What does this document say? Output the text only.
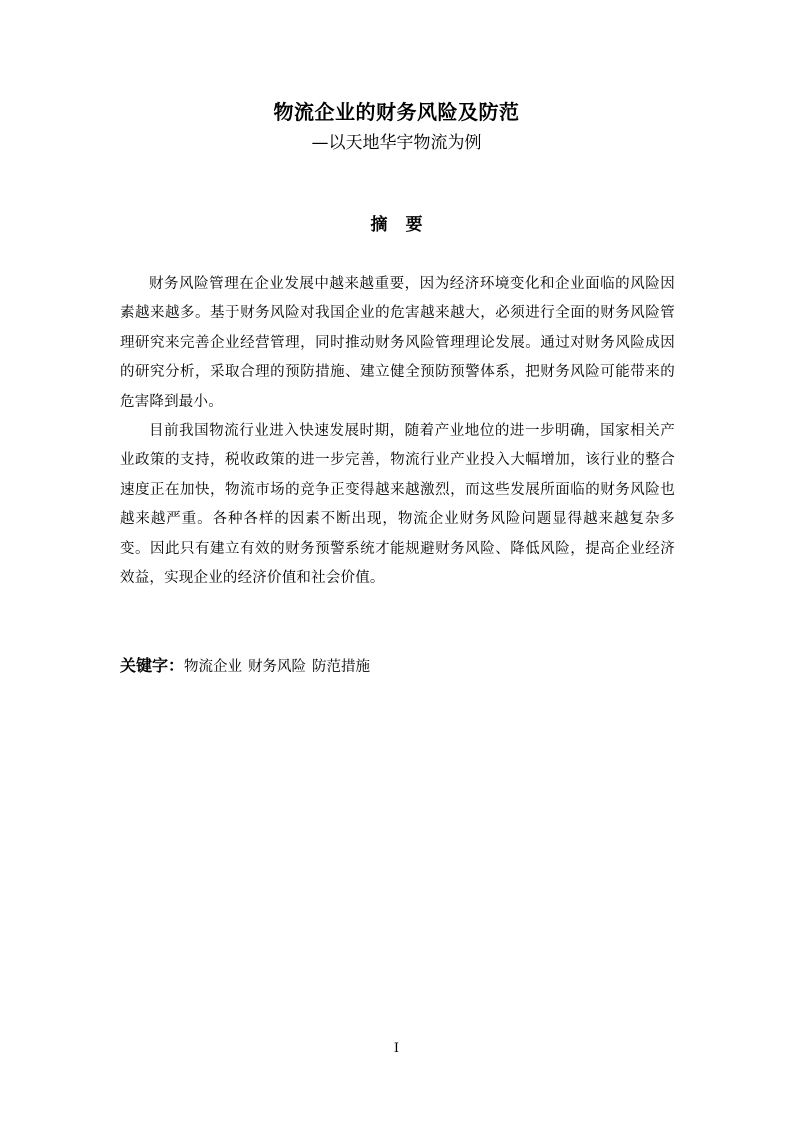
物流企业的财务风险及防范
—以天地华宇物流为例
摘 要

财务风险管理在企业发展中越来越重要，因为经济环境变化和企业面临的风险因素越来越多。基于财务风险对我国企业的危害越来越大，必须进行全面的财务风险管理研究来完善企业经营管理，同时推动财务风险管理理论发展。通过对财务风险成因的研究分析，采取合理的预防措施、建立健全预防预警体系，把财务风险可能带来的危害降到最小。

目前我国物流行业进入快速发展时期，随着产业地位的进一步明确，国家相关产业政策的支持，税收政策的进一步完善，物流行业产业投入大幅增加，该行业的整合速度正在加快，物流市场的竞争正变得越来越激烈，而这些发展所面临的财务风险也越来越严重。各种各样的因素不断出现，物流企业财务风险问题显得越来越复杂多变。因此只有建立有效的财务预警系统才能规避财务风险、降低风险，提高企业经济效益，实现企业的经济价值和社会价值。

关键字：物流企业 财务风险 防范措施
I
